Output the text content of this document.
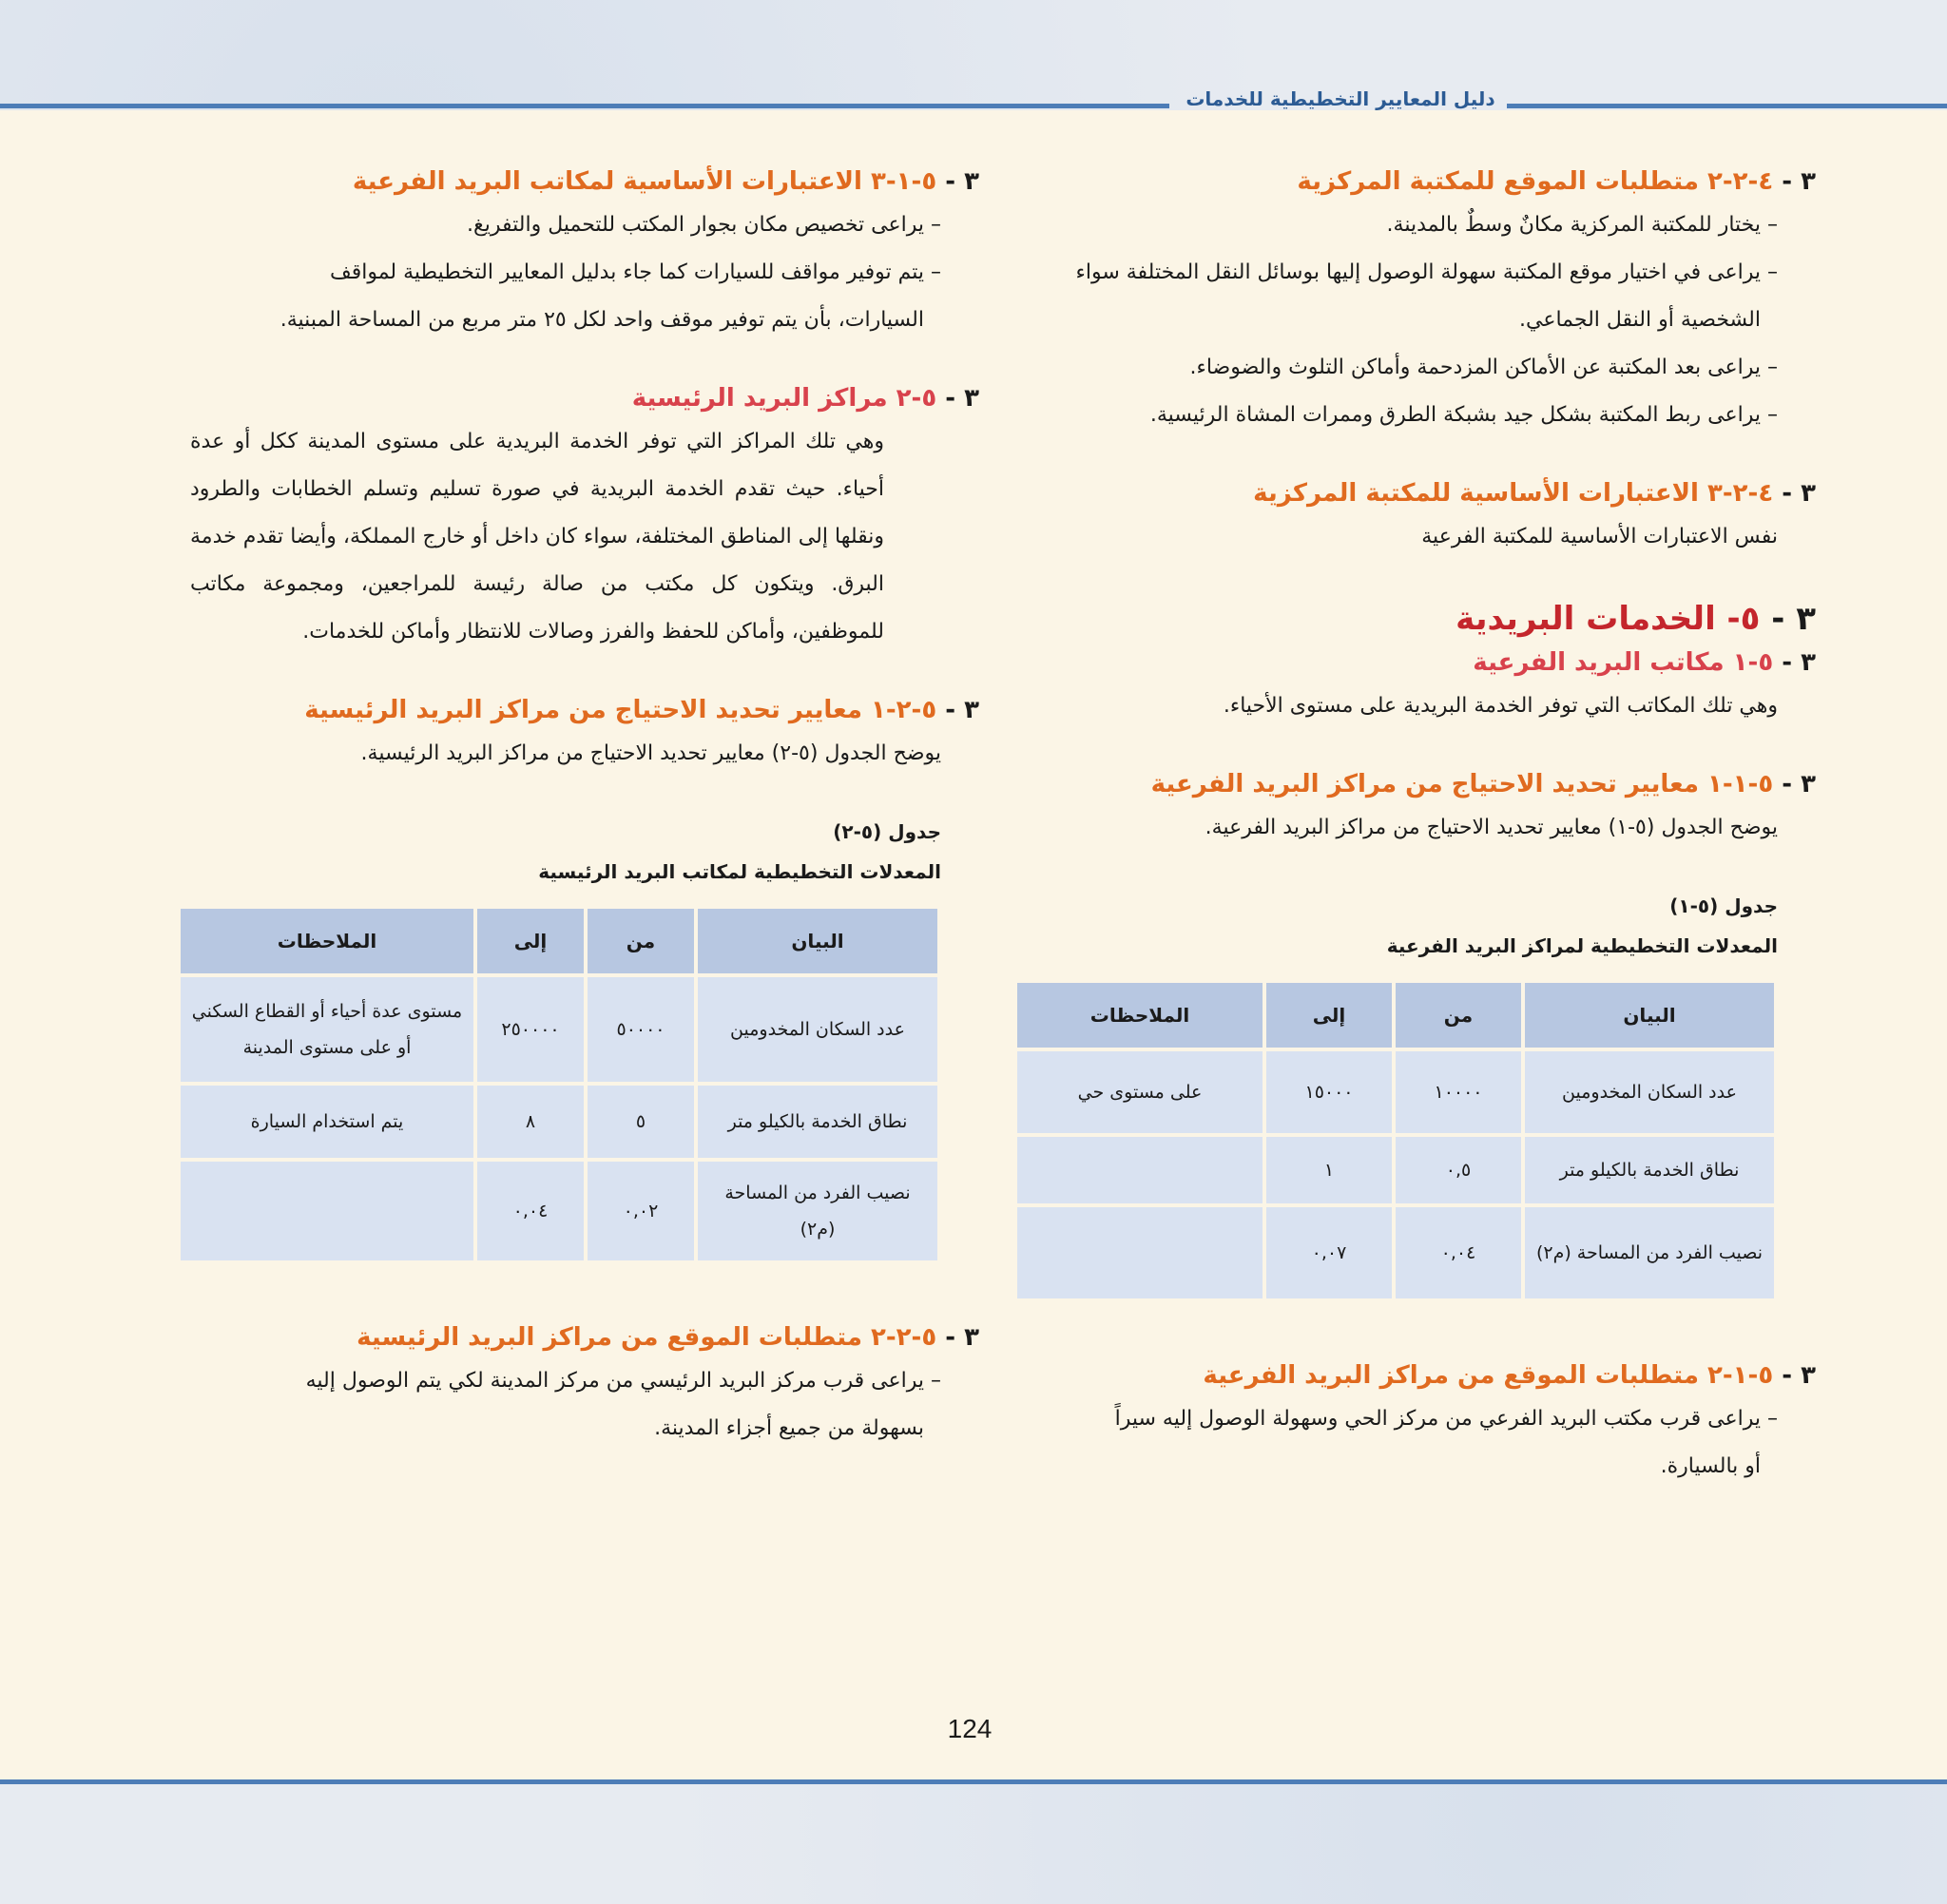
دليل المعايير التخطيطية للخدمات

٣ - ٤-٢-٢ متطلبات الموقع للمكتبة المركزية

– يختار للمكتبة المركزية مكانٌ وسطٌ بالمدينة.

– يراعى في اختيار موقع المكتبة سهولة الوصول إليها بوسائل النقل المختلفة سواء الشخصية أو النقل الجماعي.

– يراعى بعد المكتبة عن الأماكن المزدحمة وأماكن التلوث والضوضاء.

– يراعى ربط المكتبة بشكل جيد بشبكة الطرق وممرات المشاة الرئيسية.

٣ - ٤-٢-٣ الاعتبارات الأساسية للمكتبة المركزية

نفس الاعتبارات الأساسية للمكتبة الفرعية

٣ - ٥- الخدمات البريدية

٣ - ٥-١ مكاتب البريد الفرعية

وهي تلك المكاتب التي توفر الخدمة البريدية على مستوى الأحياء.

٣ - ٥-١-١ معايير تحديد الاحتياج من مراكز البريد الفرعية

يوضح الجدول (٥-١) معايير تحديد الاحتياج من مراكز البريد الفرعية.

جدول (٥-١)

المعدلات التخطيطية لمراكز البريد الفرعية

البيان	من	إلى	الملاحظات
عدد السكان المخدومين	١٠٠٠٠	١٥٠٠٠	على مستوى حي
نطاق الخدمة بالكيلو متر	٠,٥	١	
نصيب الفرد من المساحة (م٢)	٠,٠٤	٠,٠٧	

٣ - ٥-١-٢ متطلبات الموقع من مراكز البريد الفرعية

– يراعى قرب مكتب البريد الفرعي من مركز الحي وسهولة الوصول إليه سيراً أو بالسيارة.

٣ - ٥-١-٣ الاعتبارات الأساسية لمكاتب البريد الفرعية

– يراعى تخصيص مكان بجوار المكتب للتحميل والتفريغ.

– يتم توفير مواقف للسيارات كما جاء بدليل المعايير التخطيطية لمواقف السيارات، بأن يتم توفير موقف واحد لكل ٢٥ متر مربع من المساحة المبنية.

٣ - ٥-٢ مراكز البريد الرئيسية

وهي تلك المراكز التي توفر الخدمة البريدية على مستوى المدينة ككل أو عدة أحياء. حيث تقدم الخدمة البريدية في صورة تسليم وتسلم الخطابات والطرود ونقلها إلى المناطق المختلفة، سواء كان داخل أو خارج المملكة، وأيضا تقدم خدمة البرق. ويتكون كل مكتب من صالة رئيسة للمراجعين، ومجموعة مكاتب للموظفين، وأماكن للحفظ والفرز وصالات للانتظار وأماكن للخدمات.

٣ - ٥-٢-١ معايير تحديد الاحتياج من مراكز البريد الرئيسية

يوضح الجدول (٥-٢) معايير تحديد الاحتياج من مراكز البريد الرئيسية.

جدول (٥-٢)

المعدلات التخطيطية لمكاتب البريد الرئيسية

البيان	من	إلى	الملاحظات
عدد السكان المخدومين	٥٠٠٠٠	٢٥٠٠٠٠	مستوى عدة أحياء أو القطاع السكني أو على مستوى المدينة
نطاق الخدمة بالكيلو متر	٥	٨	يتم استخدام السيارة
نصيب الفرد من المساحة (م٢)	٠,٠٢	٠,٠٤	

٣ - ٥-٢-٢ متطلبات الموقع من مراكز البريد الرئيسية

– يراعى قرب مركز البريد الرئيسي من مركز المدينة لكي يتم الوصول إليه بسهولة من جميع أجزاء المدينة.

124
